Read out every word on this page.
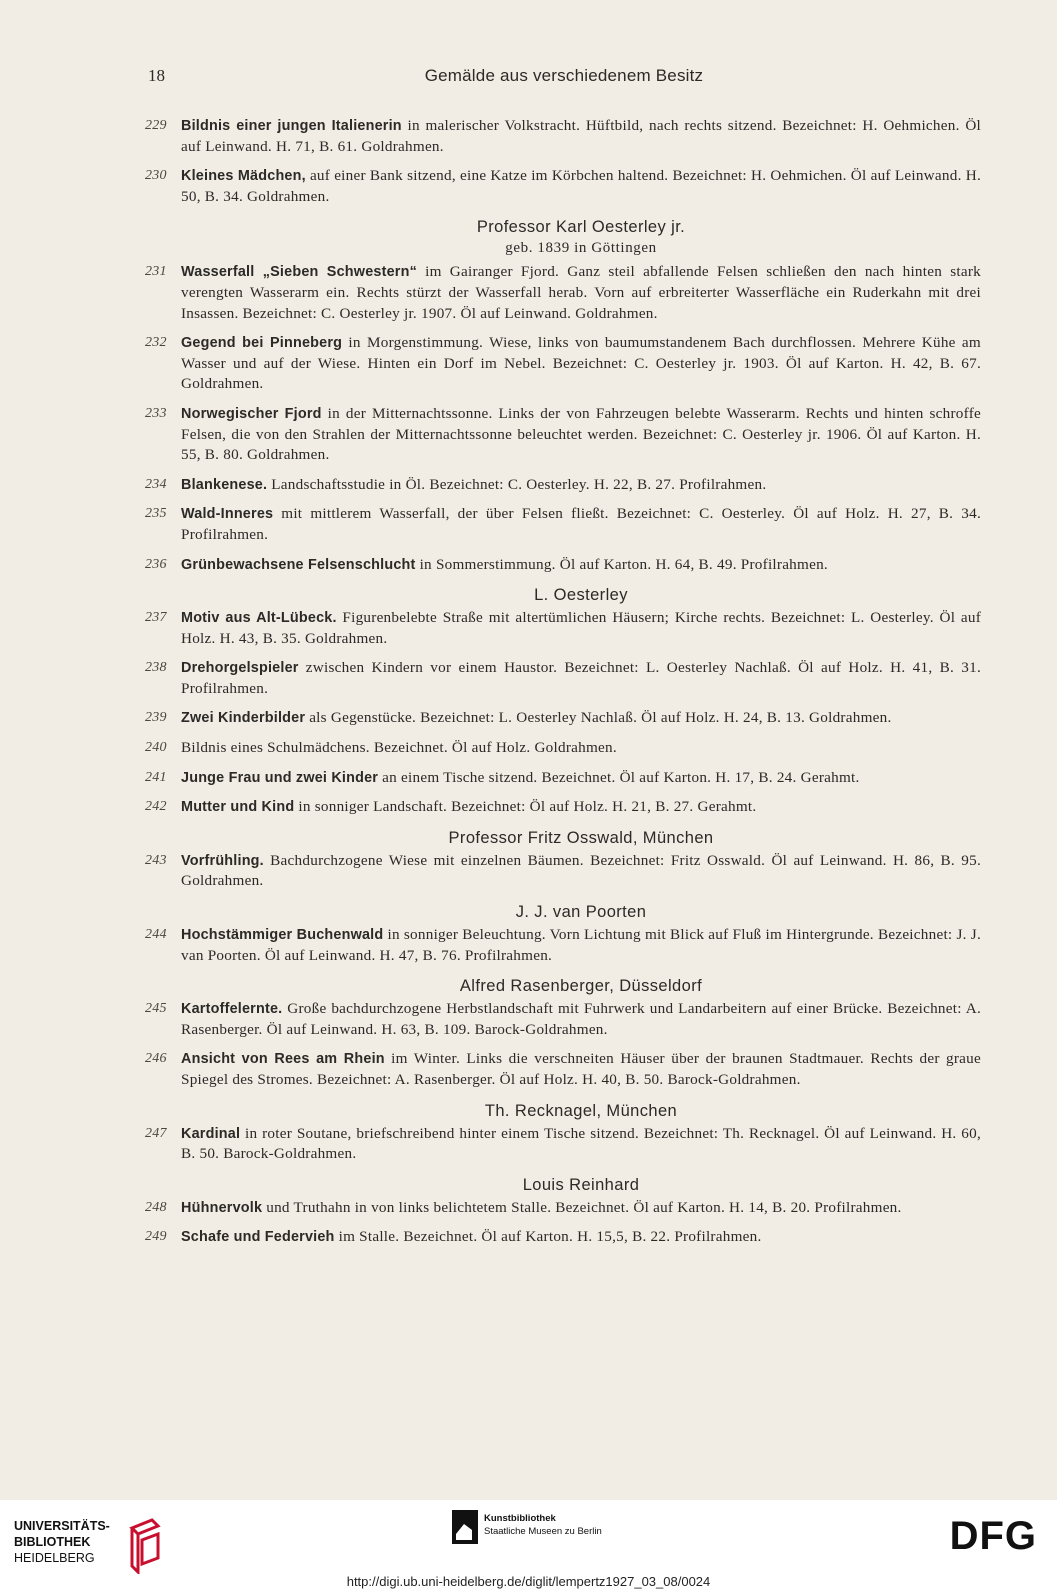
18	Gemälde aus verschiedenem Besitz
229 Bildnis einer jungen Italienerin in malerischer Volkstracht. Hüftbild, nach rechts sitzend. Bezeichnet: H. Oehmichen. Öl auf Leinwand. H. 71, B. 61. Goldrahmen.
230 Kleines Mädchen, auf einer Bank sitzend, eine Katze im Körbchen haltend. Bezeichnet: H. Oehmichen. Öl auf Leinwand. H. 50, B. 34. Goldrahmen.
Professor Karl Oesterley jr.
geb. 1839 in Göttingen
231 Wasserfall „Sieben Schwestern“ im Gairanger Fjord. Ganz steil abfallende Felsen schließen den nach hinten stark verengten Wasserarm ein. Rechts stürzt der Wasserfall herab. Vorn auf erbreiterter Wasserfläche ein Ruderkahn mit drei Insassen. Bezeichnet: C. Oesterley jr. 1907. Öl auf Leinwand. Goldrahmen.
232 Gegend bei Pinneberg in Morgenstimmung. Wiese, links von baumumstandenem Bach durchflossen. Mehrere Kühe am Wasser und auf der Wiese. Hinten ein Dorf im Nebel. Bezeichnet: C. Oesterley jr. 1903. Öl auf Karton. H. 42, B. 67. Goldrahmen.
233 Norwegischer Fjord in der Mitternachtssonne. Links der von Fahrzeugen belebte Wasserarm. Rechts und hinten schroffe Felsen, die von den Strahlen der Mitternachtssonne beleuchtet werden. Bezeichnet: C. Oesterley jr. 1906. Öl auf Karton. H. 55, B. 80. Goldrahmen.
234 Blankenese. Landschaftsstudie in Öl. Bezeichnet: C. Oesterley. H. 22, B. 27. Profilrahmen.
235 Wald-Inneres mit mittlerem Wasserfall, der über Felsen fließt. Bezeichnet: C. Oesterley. Öl auf Holz. H. 27, B. 34. Profilrahmen.
236 Grünbewachsene Felsenschlucht in Sommerstimmung. Öl auf Karton. H. 64, B. 49. Profilrahmen.
L. Oesterley
237 Motiv aus Alt-Lübeck. Figurenbelebte Straße mit altertümlichen Häusern; Kirche rechts. Bezeichnet: L. Oesterley. Öl auf Holz. H. 43, B. 35. Goldrahmen.
238 Drehorgelspieler zwischen Kindern vor einem Haustor. Bezeichnet: L. Oesterley Nachlaß. Öl auf Holz. H. 41, B. 31. Profilrahmen.
239 Zwei Kinderbilder als Gegenstücke. Bezeichnet: L. Oesterley Nachlaß. Öl auf Holz. H. 24, B. 13. Goldrahmen.
240 Bildnis eines Schulmädchens. Bezeichnet. Öl auf Holz. Goldrahmen.
241 Junge Frau und zwei Kinder an einem Tische sitzend. Bezeichnet. Öl auf Karton. H. 17, B. 24. Gerahmt.
242 Mutter und Kind in sonniger Landschaft. Bezeichnet: Öl auf Holz. H. 21, B. 27. Gerahmt.
Professor Fritz Osswald, München
243 Vorfrühling. Bachdurchzogene Wiese mit einzelnen Bäumen. Bezeichnet: Fritz Osswald. Öl auf Leinwand. H. 86, B. 95. Goldrahmen.
J. J. van Poorten
244 Hochstämmiger Buchenwald in sonniger Beleuchtung. Vorn Lichtung mit Blick auf Fluß im Hintergrunde. Bezeichnet: J. J. van Poorten. Öl auf Leinwand. H. 47, B. 76. Profilrahmen.
Alfred Rasenberger, Düsseldorf
245 Kartoffelernte. Große bachdurchzogene Herbstlandschaft mit Fuhrwerk und Landarbeitern auf einer Brücke. Bezeichnet: A. Rasenberger. Öl auf Leinwand. H. 63, B. 109. Barock-Goldrahmen.
246 Ansicht von Rees am Rhein im Winter. Links die verschneiten Häuser über der braunen Stadtmauer. Rechts der graue Spiegel des Stromes. Bezeichnet: A. Rasenberger. Öl auf Holz. H. 40, B. 50. Barock-Goldrahmen.
Th. Recknagel, München
247 Kardinal in roter Soutane, briefschreibend hinter einem Tische sitzend. Bezeichnet: Th. Recknagel. Öl auf Leinwand. H. 60, B. 50. Barock-Goldrahmen.
Louis Reinhard
248 Hühnervolk und Truthahn in von links belichtetem Stalle. Bezeichnet. Öl auf Karton. H. 14, B. 20. Profilrahmen.
249 Schafe und Federvieh im Stalle. Bezeichnet. Öl auf Karton. H. 15,5, B. 22. Profilrahmen.
UNIVERSITÄTS-
BIBLIOTHEK
HEIDELBERG
Kunstbibliothek
Staatliche Museen zu Berlin	DFG
http://digi.ub.uni-heidelberg.de/diglit/lempertz1927_03_08/0024
